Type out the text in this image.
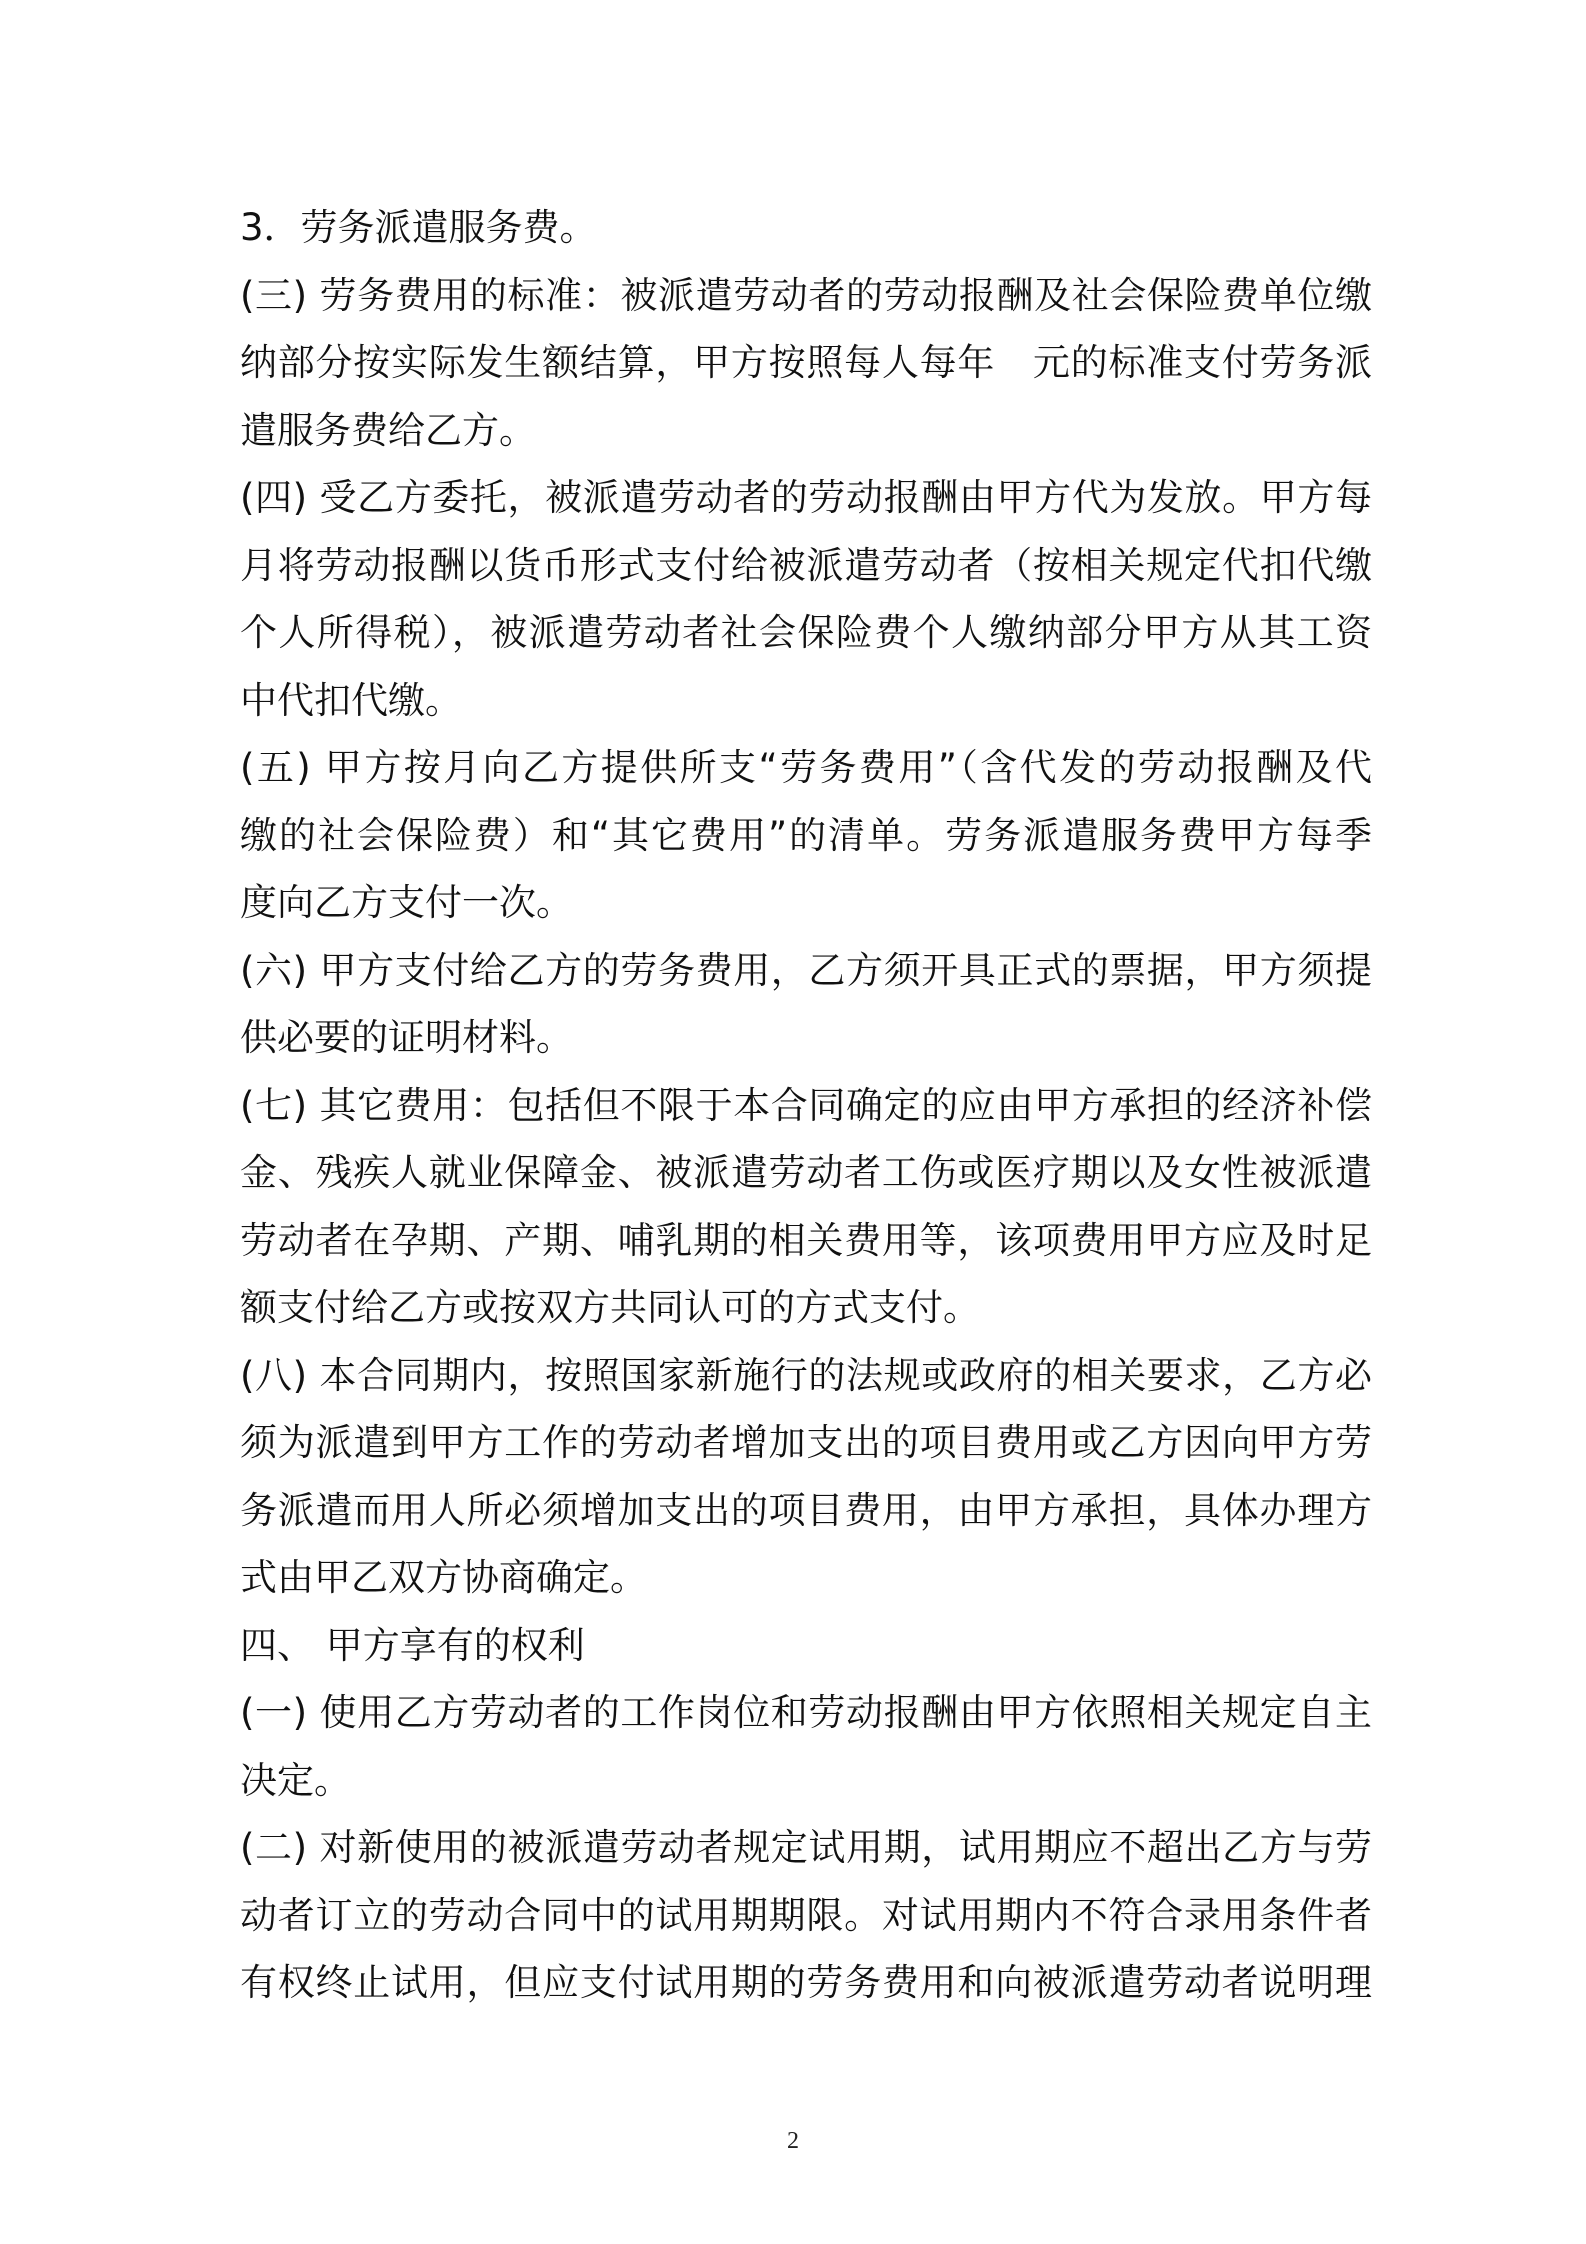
3．劳务派遣服务费。
(三) 劳务费用的标准：被派遣劳动者的劳动报酬及社会保险费单位缴
纳部分按实际发生额结算，甲方按照每人每年　元的标准支付劳务派
遣服务费给乙方。
(四) 受乙方委托，被派遣劳动者的劳动报酬由甲方代为发放。甲方每
月将劳动报酬以货币形式支付给被派遣劳动者（按相关规定代扣代缴
个人所得税），被派遣劳动者社会保险费个人缴纳部分甲方从其工资
中代扣代缴。
(五) 甲方按月向乙方提供所支“劳务费用”（含代发的劳动报酬及代
缴的社会保险费）和“其它费用”的清单。劳务派遣服务费甲方每季
度向乙方支付一次。
(六) 甲方支付给乙方的劳务费用，乙方须开具正式的票据，甲方须提
供必要的证明材料。
(七) 其它费用：包括但不限于本合同确定的应由甲方承担的经济补偿
金、残疾人就业保障金、被派遣劳动者工伤或医疗期以及女性被派遣
劳动者在孕期、产期、哺乳期的相关费用等，该项费用甲方应及时足
额支付给乙方或按双方共同认可的方式支付。
(八) 本合同期内，按照国家新施行的法规或政府的相关要求，乙方必
须为派遣到甲方工作的劳动者增加支出的项目费用或乙方因向甲方劳
务派遣而用人所必须增加支出的项目费用，由甲方承担，具体办理方
式由甲乙双方协商确定。
四、 甲方享有的权利
(一) 使用乙方劳动者的工作岗位和劳动报酬由甲方依照相关规定自主
决定。
(二) 对新使用的被派遣劳动者规定试用期，试用期应不超出乙方与劳
动者订立的劳动合同中的试用期期限。对试用期内不符合录用条件者
有权终止试用，但应支付试用期的劳务费用和向被派遣劳动者说明理
2
